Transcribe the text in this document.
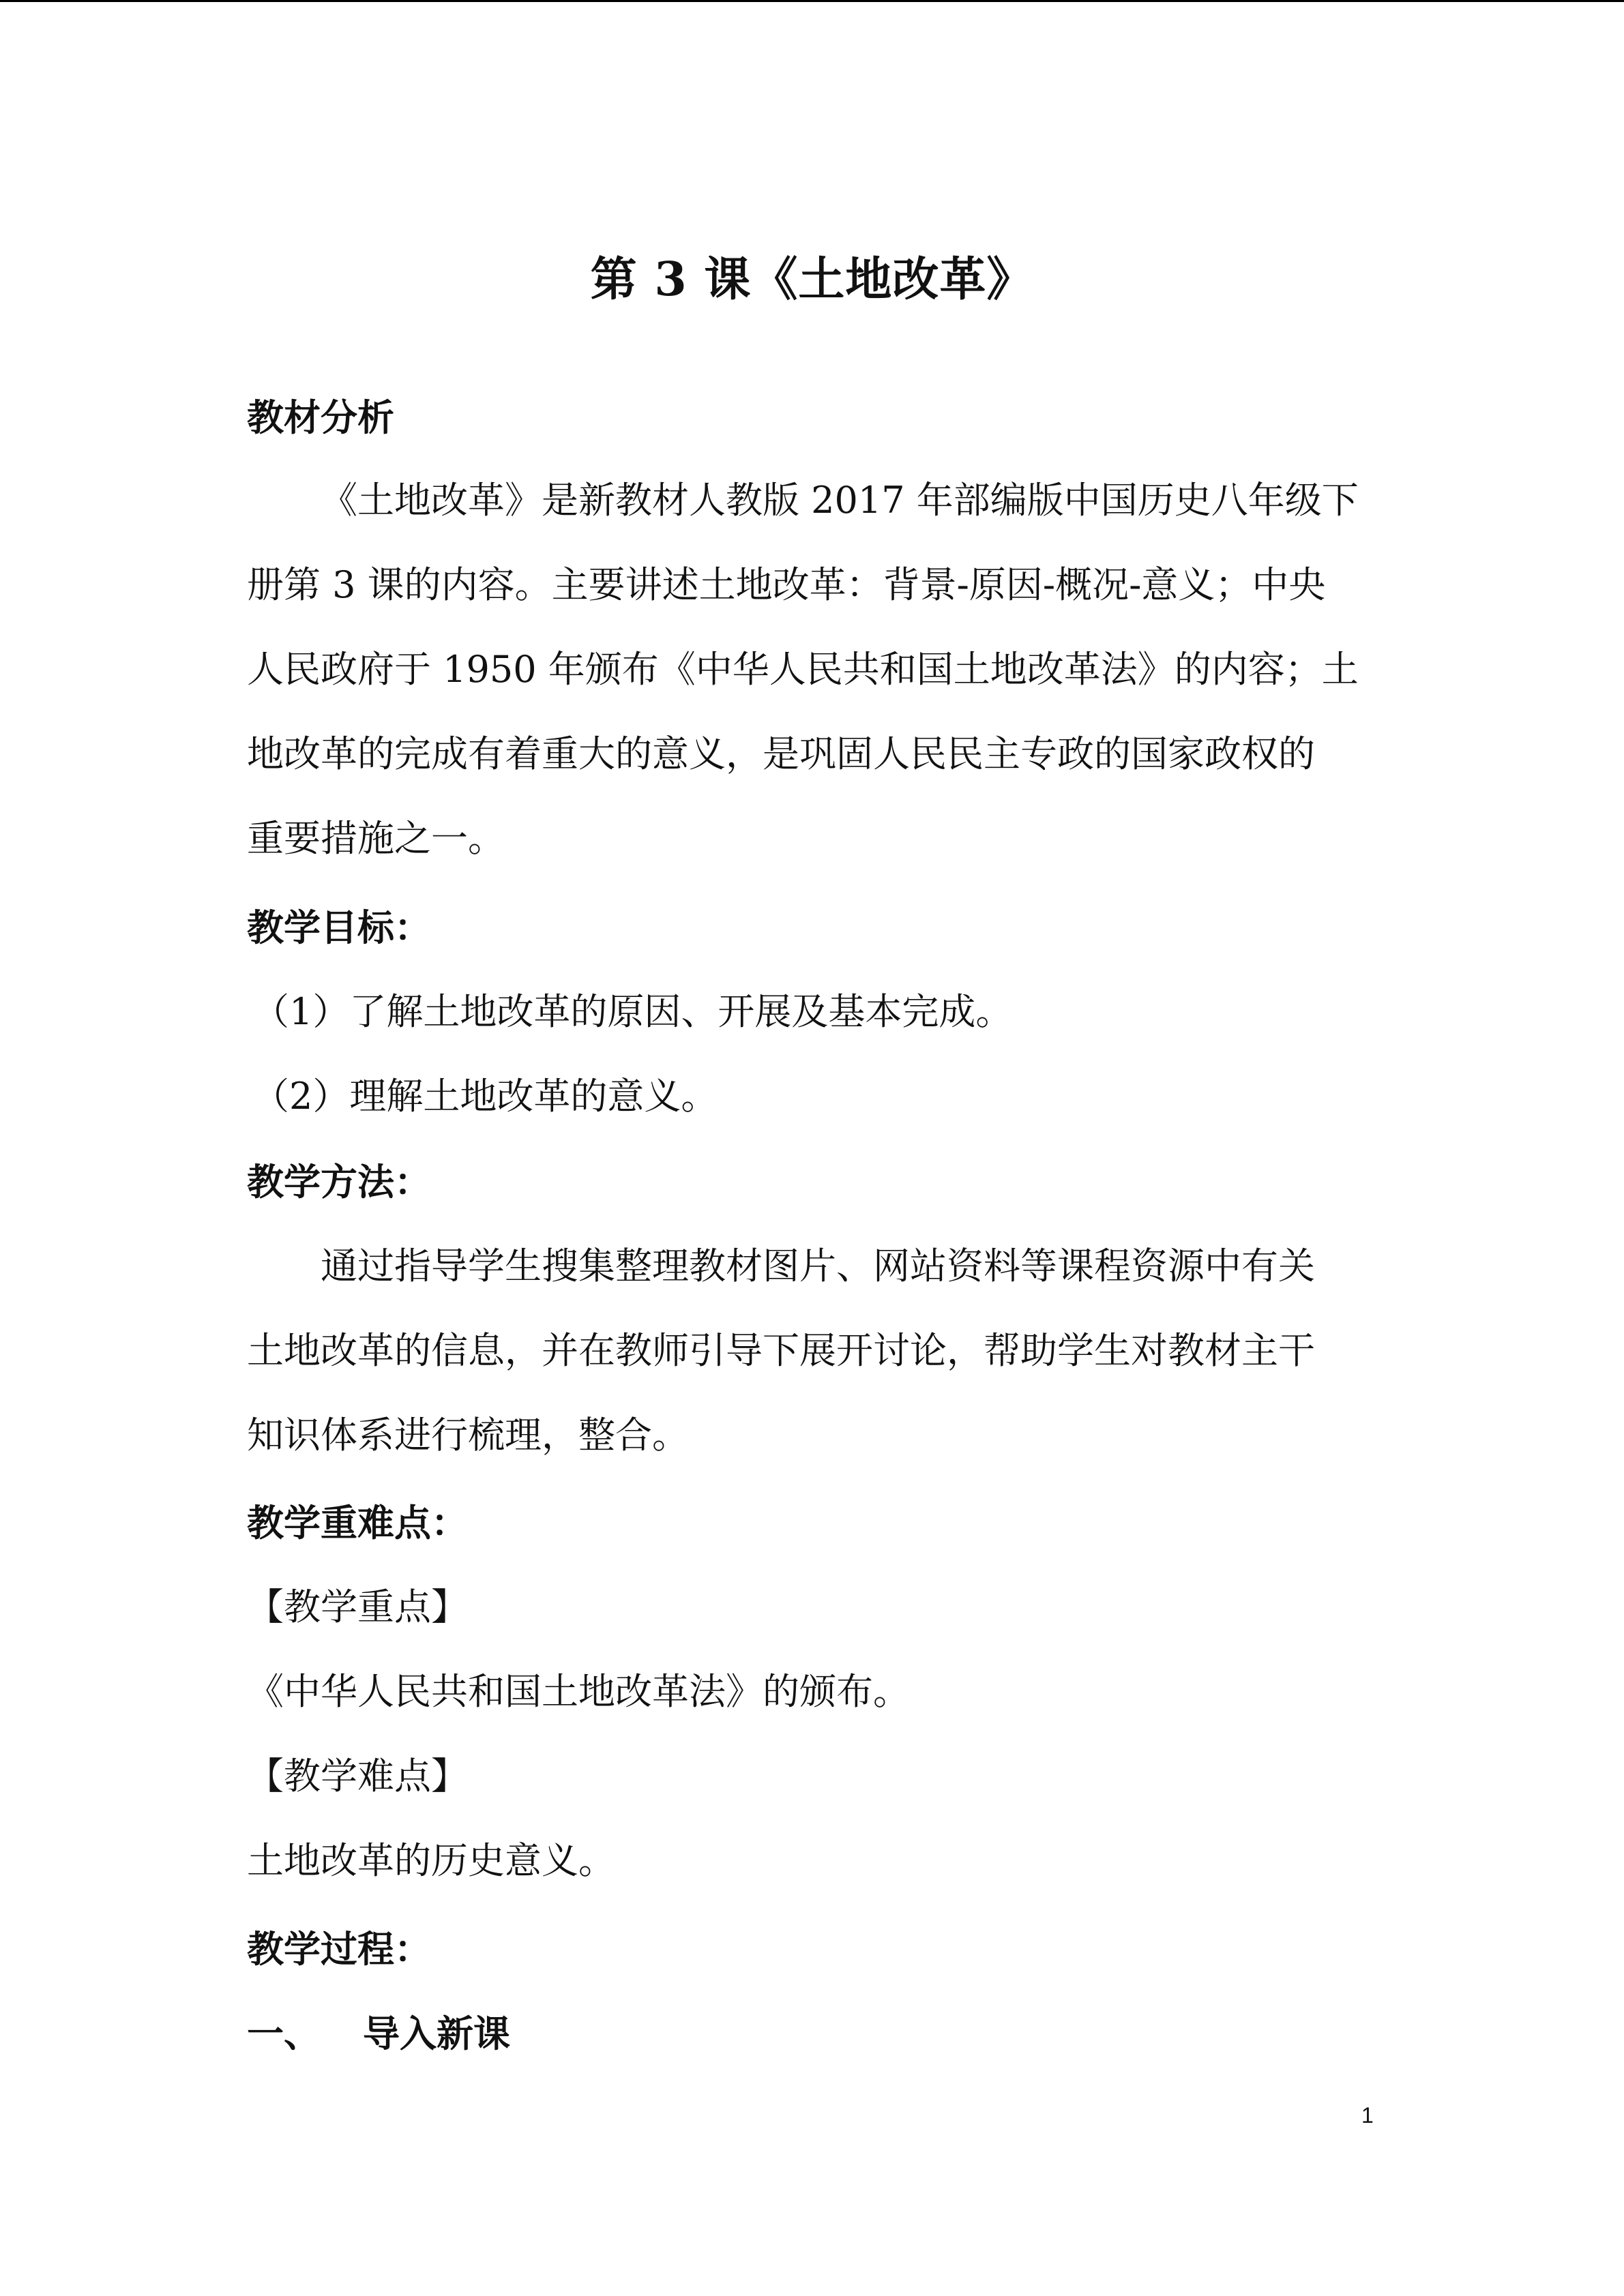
第 3 课《土地改革》
教材分析
《土地改革》是新教材人教版 2017 年部编版中国历史八年级下
册第 3 课的内容。主要讲述土地改革：背景-原因-概况-意义；中央
人民政府于 1950 年颁布《中华人民共和国土地改革法》的内容；土
地改革的完成有着重大的意义，是巩固人民民主专政的国家政权的
重要措施之一。
教学目标：
（1）了解土地改革的原因、开展及基本完成。
（2）理解土地改革的意义。
教学方法：
通过指导学生搜集整理教材图片、网站资料等课程资源中有关
土地改革的信息，并在教师引导下展开讨论，帮助学生对教材主干
知识体系进行梳理，整合。
教学重难点：
【教学重点】
《中华人民共和国土地改革法》的颁布。
【教学难点】
土地改革的历史意义。
教学过程：
一、 导入新课
1
